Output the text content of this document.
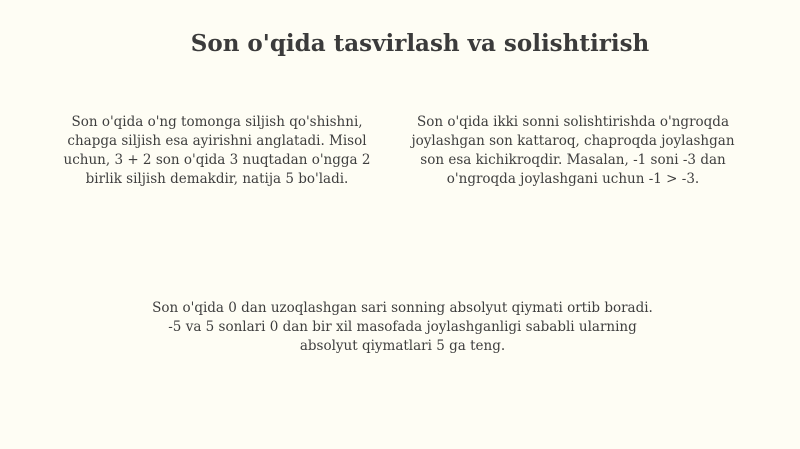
Son o'qida tasvirlash va solishtirish

Son o'qida o'ng tomonga siljish qo'shishni, chapga siljish esa ayirishni anglatadi. Misol uchun, 3 + 2 son o'qida 3 nuqtadan o'ngga 2 birlik siljish demakdir, natija 5 bo'ladi.

Son o'qida ikki sonni solishtirishda o'ngroqda joylashgan son kattaroq, chaproqda joylashgan son esa kichikroqdir. Masalan, -1 soni -3 dan o'ngroqda joylashgani uchun -1 > -3.

Son o'qida 0 dan uzoqlashgan sari sonning absolyut qiymati ortib boradi. -5 va 5 sonlari 0 dan bir xil masofada joylashganligi sababli ularning absolyut qiymatlari 5 ga teng.
